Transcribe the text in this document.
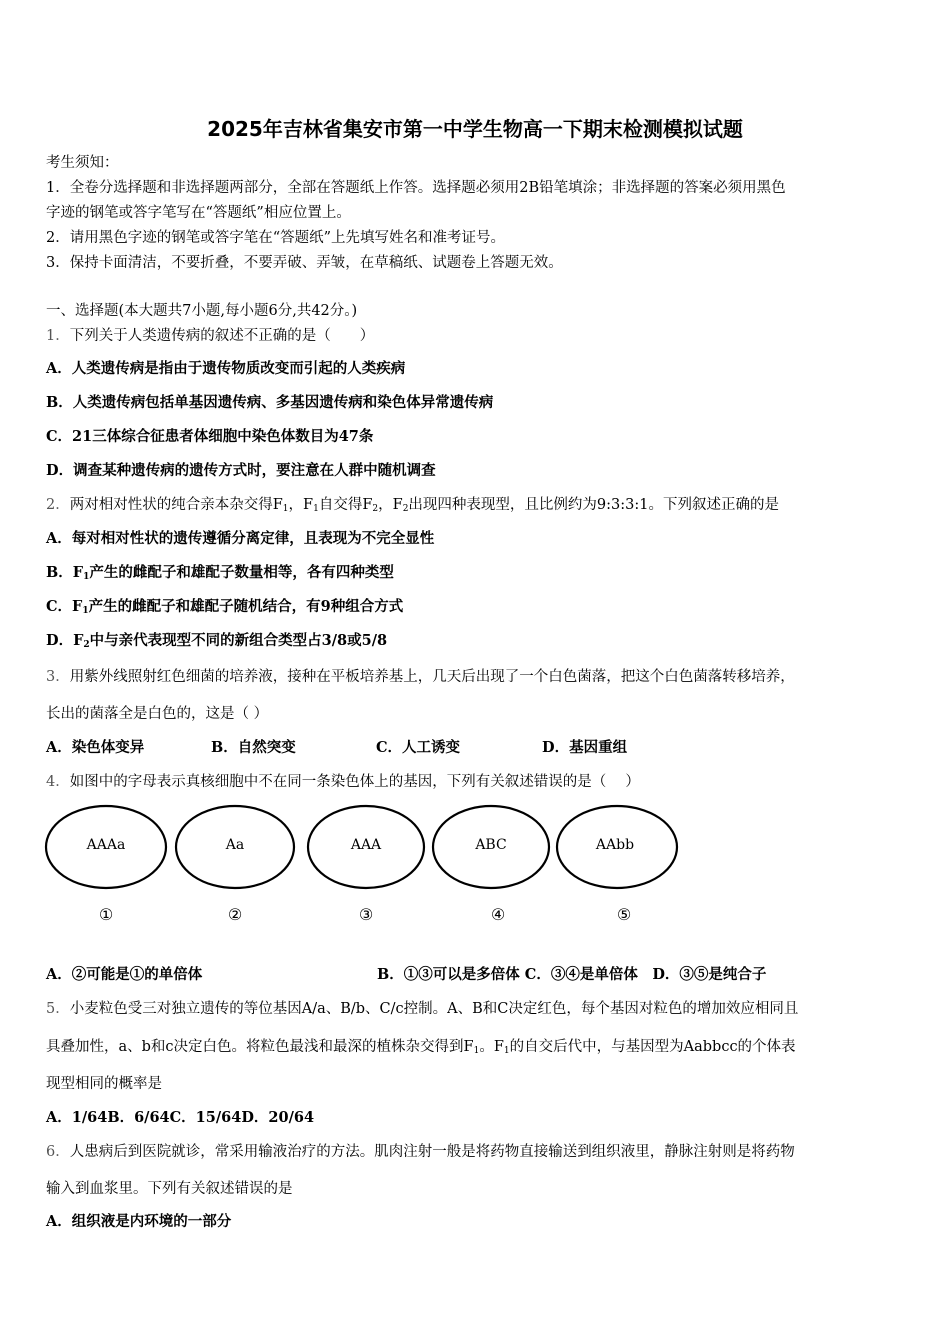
2025年吉林省集安市第一中学生物高一下期末检测模拟试题
考生须知：
1．全卷分选择题和非选择题两部分，全部在答题纸上作答。选择题必须用2B铅笔填涂；非选择题的答案必须用黑色
字迹的钢笔或答字笔写在“答题纸”相应位置上。
2．请用黑色字迹的钢笔或答字笔在“答题纸”上先填写姓名和准考证号。
3．保持卡面清洁，不要折叠，不要弄破、弄皱，在草稿纸、试题卷上答题无效。
一、选择题(本大题共7小题,每小题6分,共42分。)
1．下列关于人类遗传病的叙述不正确的是（　　）
A．人类遗传病是指由于遗传物质改变而引起的人类疾病
B．人类遗传病包括单基因遗传病、多基因遗传病和染色体异常遗传病
C．21三体综合征患者体细胞中染色体数目为47条
D．调查某种遗传病的遗传方式时，要注意在人群中随机调查
2．两对相对性状的纯合亲本杂交得$F_1$，$F_1$自交得$F_2$，$F_2$出现四种表现型，且比例约为9:3:3:1。下列叙述正确的是
A．每对相对性状的遗传遵循分离定律，且表现为不完全显性
B．$F_1$产生的雌配子和雄配子数量相等，各有四种类型
C．$F_1$产生的雌配子和雄配子随机结合，有9种组合方式
D．$F_2$中与亲代表现型不同的新组合类型占3/8或5/8
3．用紫外线照射红色细菌的培养液，接种在平板培养基上，几天后出现了一个白色菌落，把这个白色菌落转移培养，
长出的菌落全是白色的，这是（ ）
A．染色体变异	B．自然突变	C．人工诱变	D．基因重组
4．如图中的字母表示真核细胞中不在同一条染色体上的基因，下列有关叙述错误的是（　 ）
AAAa
①
Aa
②
AAA
③
ABC
④
AAbb
⑤
A．②可能是①的单倍体	B．①③可以是多倍体 C．③④是单倍体　D．③⑤是纯合子
5．小麦粒色受三对独立遗传的等位基因A/a、B/b、C/c控制。A、B和C决定红色，每个基因对粒色的增加效应相同且
具叠加性，a、b和c决定白色。将粒色最浅和最深的植株杂交得到$F_1$。$F_1$的自交后代中，与基因型为Aabbcc的个体表
现型相同的概率是
A．1/64B．6/64C．15/64D．20/64
6．人患病后到医院就诊，常采用输液治疗的方法。肌肉注射一般是将药物直接输送到组织液里，静脉注射则是将药物
输入到血浆里。下列有关叙述错误的是
A．组织液是内环境的一部分
